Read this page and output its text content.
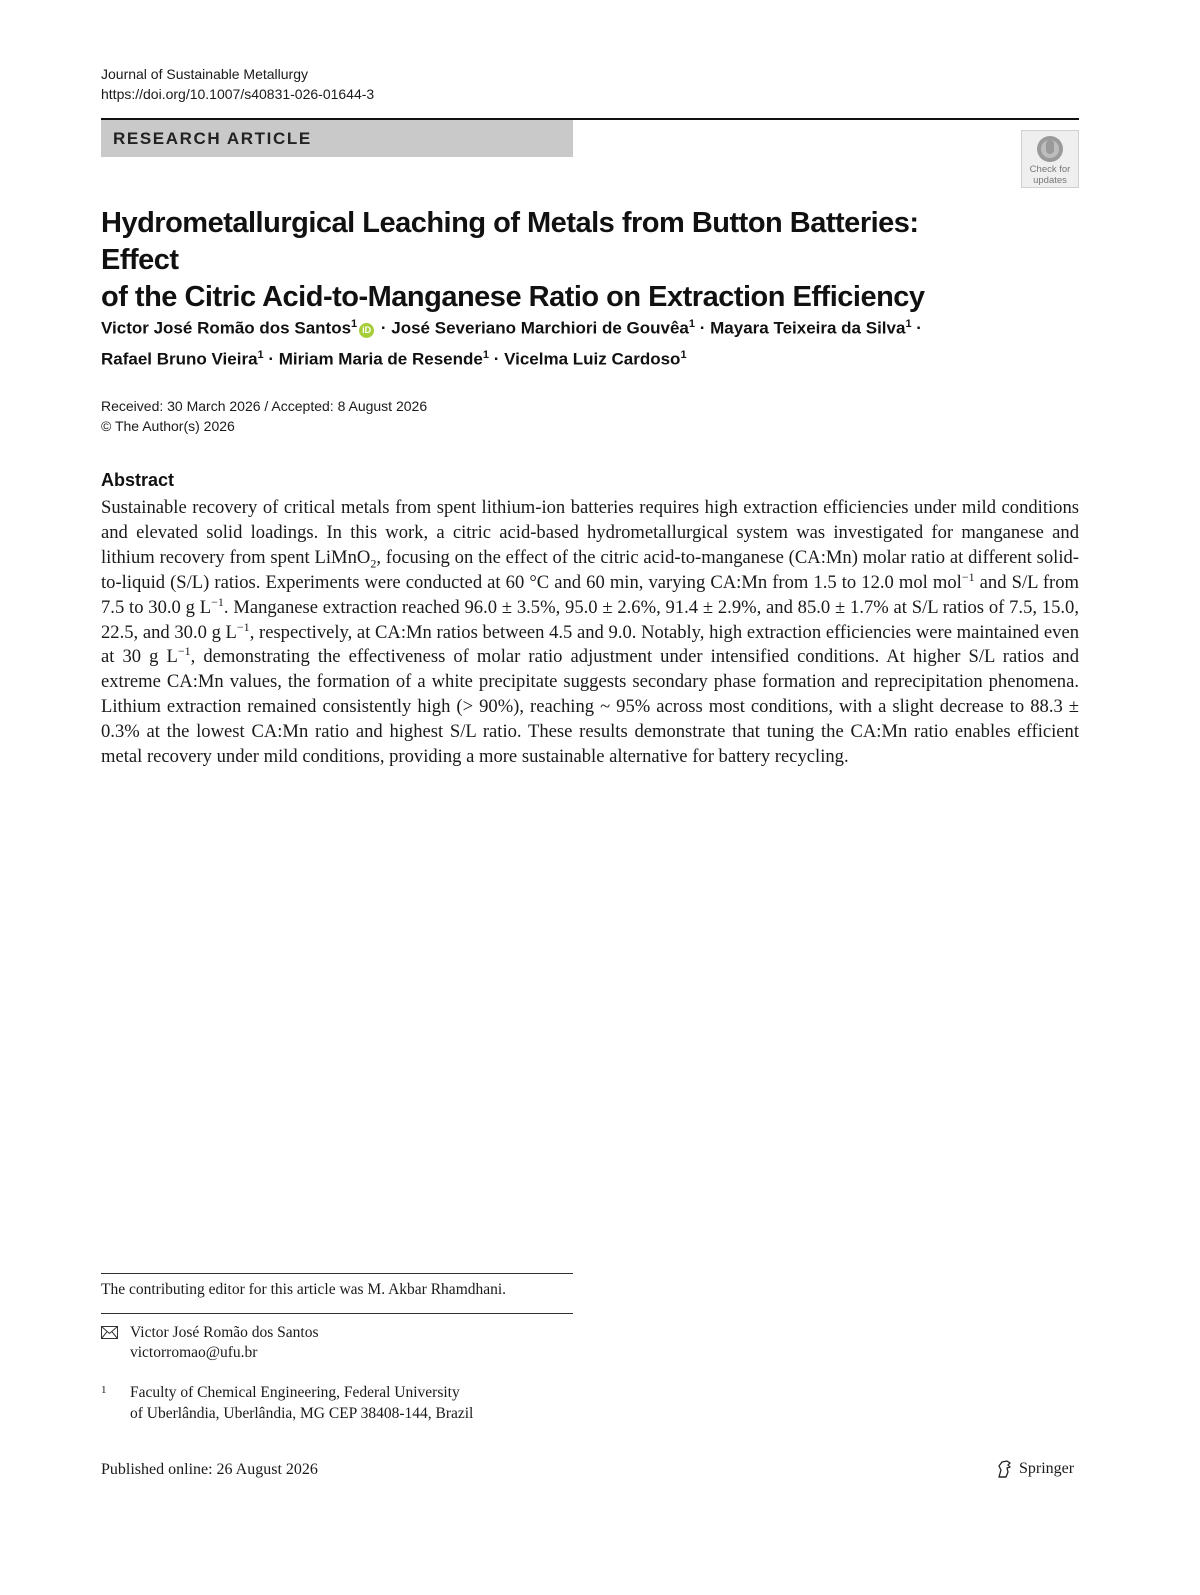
Journal of Sustainable Metallurgy
https://doi.org/10.1007/s40831-026-01644-3
RESEARCH ARTICLE
Check for
updates
Hydrometallurgical Leaching of Metals from Button Batteries: Effect
of the Citric Acid-to-Manganese Ratio on Extraction Efficiency
Victor José Romão dos Santos$^1$ iD · José Severiano Marchiori de Gouvêa$^1$ · Mayara Teixeira da Silva$^1$ ·
Rafael Bruno Vieira$^1$ · Miriam Maria de Resende$^1$ · Vicelma Luiz Cardoso$^1$
Received: 30 March 2026 / Accepted: 8 August 2026
© The Author(s) 2026
Abstract
Sustainable recovery of critical metals from spent lithium-ion batteries requires high extraction efficiencies under mild conditions and elevated solid loadings. In this work, a citric acid-based hydrometallurgical system was investigated for manganese and lithium recovery from spent LiMnO$_2$, focusing on the effect of the citric acid-to-manganese (CA:Mn) molar ratio at different solid-to-liquid (S/L) ratios. Experiments were conducted at 60 °C and 60 min, varying CA:Mn from 1.5 to 12.0 mol mol$^{-1}$ and S/L from 7.5 to 30.0 g $L^{-1}$. Manganese extraction reached 96.0 ± 3.5%, 95.0 ± 2.6%, 91.4 ± 2.9%, and 85.0 ± 1.7% at S/L ratios of 7.5, 15.0, 22.5, and 30.0 g $L^{-1}$, respectively, at CA:Mn ratios between 4.5 and 9.0. Notably, high extraction efficiencies were maintained even at 30 g $L^{-1}$, demonstrating the effectiveness of molar ratio adjustment under intensified conditions. At higher S/L ratios and extreme CA:Mn values, the formation of a white precipitate suggests secondary phase formation and reprecipitation phenomena. Lithium extraction remained consistently high (> 90%), reaching ~ 95% across most conditions, with a slight decrease to 88.3 ± 0.3% at the lowest CA:Mn ratio and highest S/L ratio. These results demonstrate that tuning the CA:Mn ratio enables efficient metal recovery under mild conditions, providing a more sustainable alternative for battery recycling.
The contributing editor for this article was M. Akbar Rhamdhani.
Victor José Romão dos Santos
victorromao@ufu.br
1 Faculty of Chemical Engineering, Federal University
of Uberlândia, Uberlândia, MG CEP 38408-144, Brazil
Published online: 26 August 2026	Springer
